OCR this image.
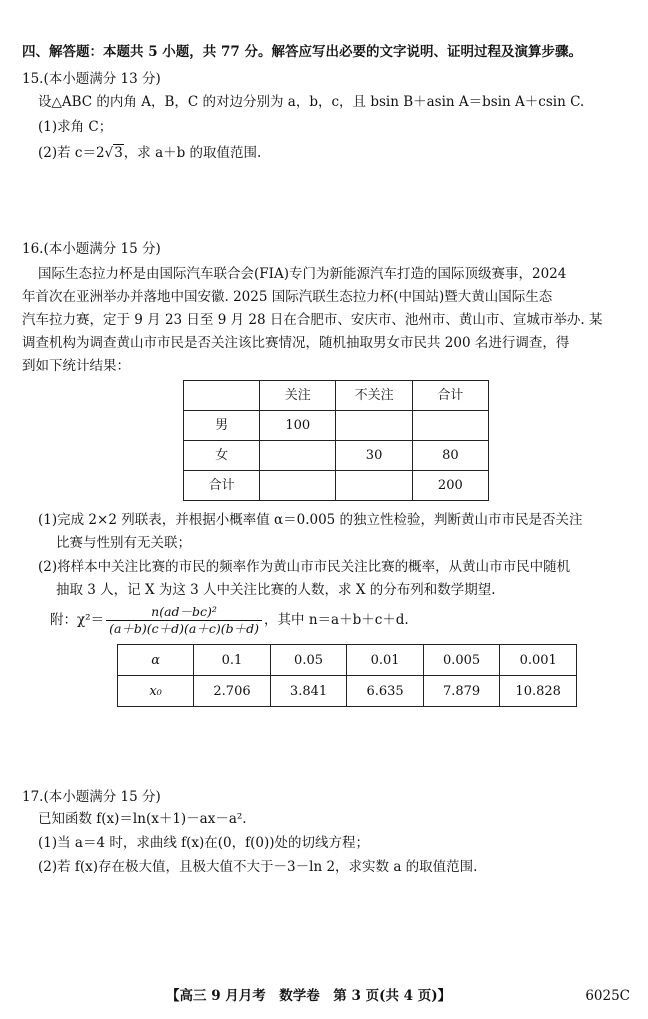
四、解答题：本题共 5 小题，共 77 分。解答应写出必要的文字说明、证明过程及演算步骤。
15.(本小题满分 13 分)
设△ABC 的内角 A，B，C 的对边分别为 a，b，c，且 bsin B＋asin A＝bsin A＋csin C.
(1)求角 C；
(2)若 c＝2√3，求 a＋b 的取值范围.
16.(本小题满分 15 分)
国际生态拉力杯是由国际汽车联合会(FIA)专门为新能源汽车打造的国际顶级赛事，2024
年首次在亚洲举办并落地中国安徽. 2025 国际汽联生态拉力杯(中国站)暨大黄山国际生态
汽车拉力赛，定于 9 月 23 日至 9 月 28 日在合肥市、安庆市、池州市、黄山市、宣城市举办. 某
调查机构为调查黄山市市民是否关注该比赛情况，随机抽取男女市民共 200 名进行调查，得
到如下统计结果：
	关注	不关注	合计
男	100		
女		30	80
合计			200
(1)完成 2×2 列联表，并根据小概率值 α＝0.005 的独立性检验，判断黄山市市民是否关注
比赛与性别有无关联；
(2)将样本中关注比赛的市民的频率作为黄山市市民关注比赛的概率，从黄山市市民中随机
抽取 3 人，记 X 为这 3 人中关注比赛的人数，求 X 的分布列和数学期望.
附：$\chi^2= \frac{\text{n(ad－bc)²}}{(a+b)(c+d)(a+c)(b+d)}$ ，其中 n＝a＋b＋c＋d.
α	0.1	0.05	0.01	0.005	0.001
x₀	2.706	3.841	6.635	7.879	10.828
17.(本小题满分 15 分)
已知函数 f(x)＝ln(x＋1)－ax－a².
(1)当 a＝4 时，求曲线 f(x)在(0，f(0))处的切线方程；
(2)若 f(x)存在极大值，且极大值不大于－3－ln 2，求实数 a 的取值范围.
【高三 9 月月考　数学卷　第 3 页(共 4 页)】	6025C
